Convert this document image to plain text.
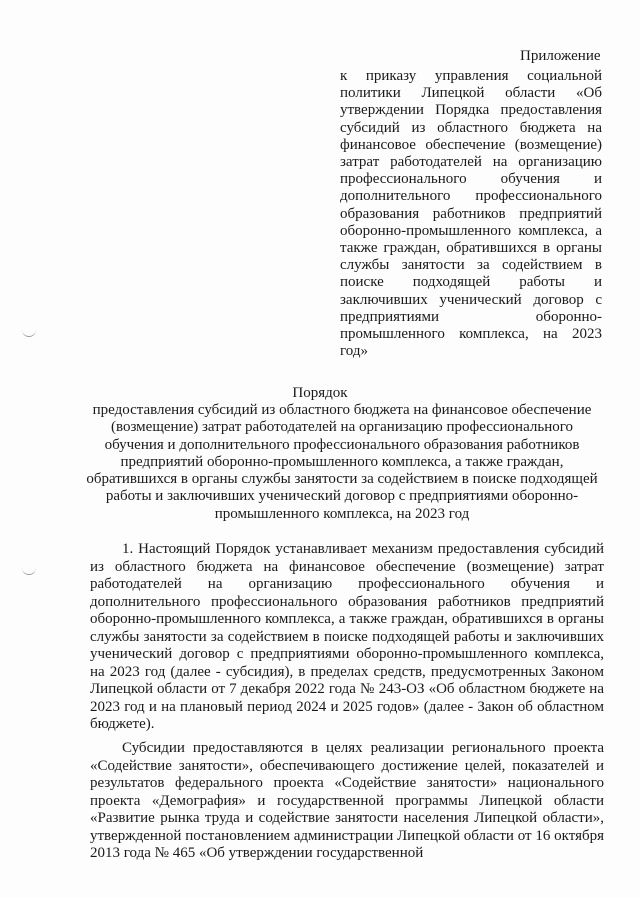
Приложение

к приказу управления социальной политики Липецкой области «Об утверждении Порядка предоставления субсидий из областного бюджета на финансовое обеспечение (возмещение) затрат работодателей на организацию профессионального обучения и дополнительного профессионального образования работников предприятий оборонно-промышленного комплекса, а также граждан, обратившихся в органы службы занятости за содействием в поиске подходящей работы и заключивших ученический договор с предприятиями оборонно-промышленного комплекса, на 2023 год»

Порядок

предоставления субсидий из областного бюджета на финансовое обеспечение (возмещение) затрат работодателей на организацию профессионального обучения и дополнительного профессионального образования работников предприятий оборонно-промышленного комплекса, а также граждан, обратившихся в органы службы занятости за содействием в поиске подходящей работы и заключивших ученический договор с предприятиями оборонно-промышленного комплекса, на 2023 год

1. Настоящий Порядок устанавливает механизм предоставления субсидий из областного бюджета на финансовое обеспечение (возмещение) затрат работодателей на организацию профессионального обучения и дополнительного профессионального образования работников предприятий оборонно-промышленного комплекса, а также граждан, обратившихся в органы службы занятости за содействием в поиске подходящей работы и заключивших ученический договор с предприятиями оборонно-промышленного комплекса, на 2023 год (далее - субсидия), в пределах средств, предусмотренных Законом Липецкой области от 7 декабря 2022 года № 243-ОЗ «Об областном бюджете на 2023 год и на плановый период 2024 и 2025 годов» (далее - Закон об областном бюджете).

Субсидии предоставляются в целях реализации регионального проекта «Содействие занятости», обеспечивающего достижение целей, показателей и результатов федерального проекта «Содействие занятости» национального проекта «Демография» и государственной программы Липецкой области «Развитие рынка труда и содействие занятости населения Липецкой области», утвержденной постановлением администрации Липецкой области от 16 октября 2013 года № 465 «Об утверждении государственной
